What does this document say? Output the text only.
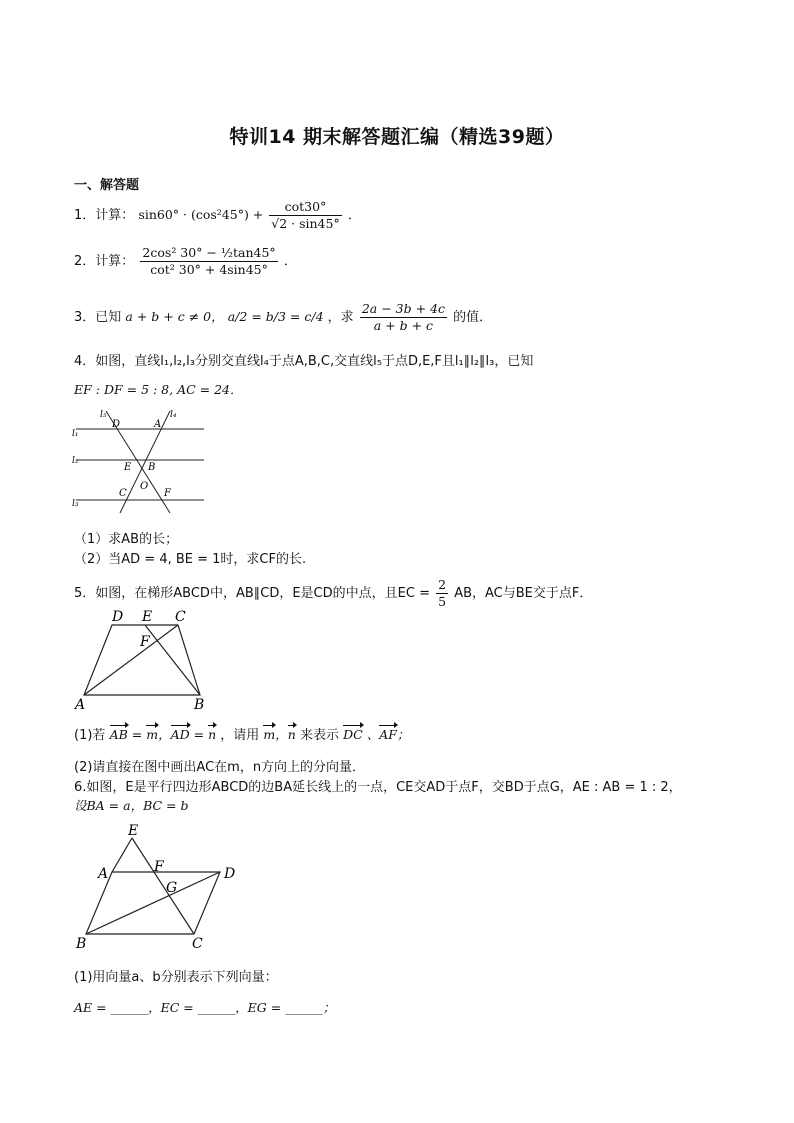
特训14 期末解答题汇编（精选39题）
一、解答题
1．计算： $\sin 60^\circ \cdot (\cos^245^\circ) + \frac{\cot 30^\circ}{√2 \cdot \sin 45^\circ}$ ．
2．计算： $\frac{\text{2cos² 30° − ½tan45°}}{\text{cot² 30° + 4sin45°}}$ ．
3．已知 a + b + c ≠ 0， a/2 = b/3 = c/4 ，求 $\frac{2a - 3b + 4c}{a + b + c}$ 的值．
4．如图，直线l₁,l₂,l₃分别交直线l₄于点A,B,C,交直线l₅于点D,E,F且l₁∥l₂∥l₃，已知
EF : DF = 5 : 8, AC = 24．
l₅	l₄
D	A
l₁
l₂
E B
O
l₃
C	F
（1）求AB的长；
（2）当AD = 4, BE = 1时，求CF的长.
5．如图，在梯形ABCD中，AB∥CD，E是CD的中点，且EC = $\frac{2}{5}$ AB，AC与BE交于点F．
D E C
F
A	B
(1)若 AB = m，AD = n ，请用 m，n 来表示 DC 、AF；
(2)请直接在图中画出AC在m，n方向上的分向量．
6.如图，E是平行四边形ABCD的边BA延长线上的一点，CE交AD于点F，交BD于点G，AE : AB = 1 : 2，
设BA = a，BC = b
E
A	F
G
D
B	C
(1)用向量a、b分别表示下列向量：
AE = ______，EC = ______，EG = ______；
